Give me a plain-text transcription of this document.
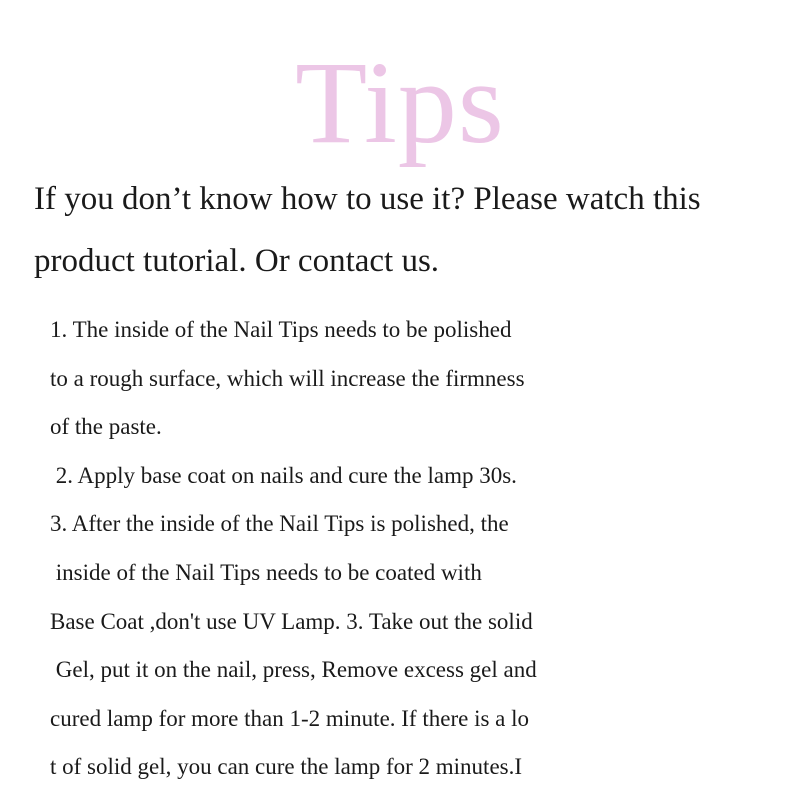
Tips
If you don’t know how to use it? Please watch this
product tutorial. Or contact us.
1. The inside of the Nail Tips needs to be polished
to a rough surface, which will increase the firmness
of the paste.
2. Apply base coat on nails and cure the lamp 30s.
3. After the inside of the Nail Tips is polished, the
inside of the Nail Tips needs to be coated with
Base Coat ,don't use UV Lamp. 3. Take out the solid
Gel, put it on the nail, press, Remove excess gel and
cured lamp for more than 1-2 minute. If there is a lo
t of solid gel, you can cure the lamp for 2 minutes.I
